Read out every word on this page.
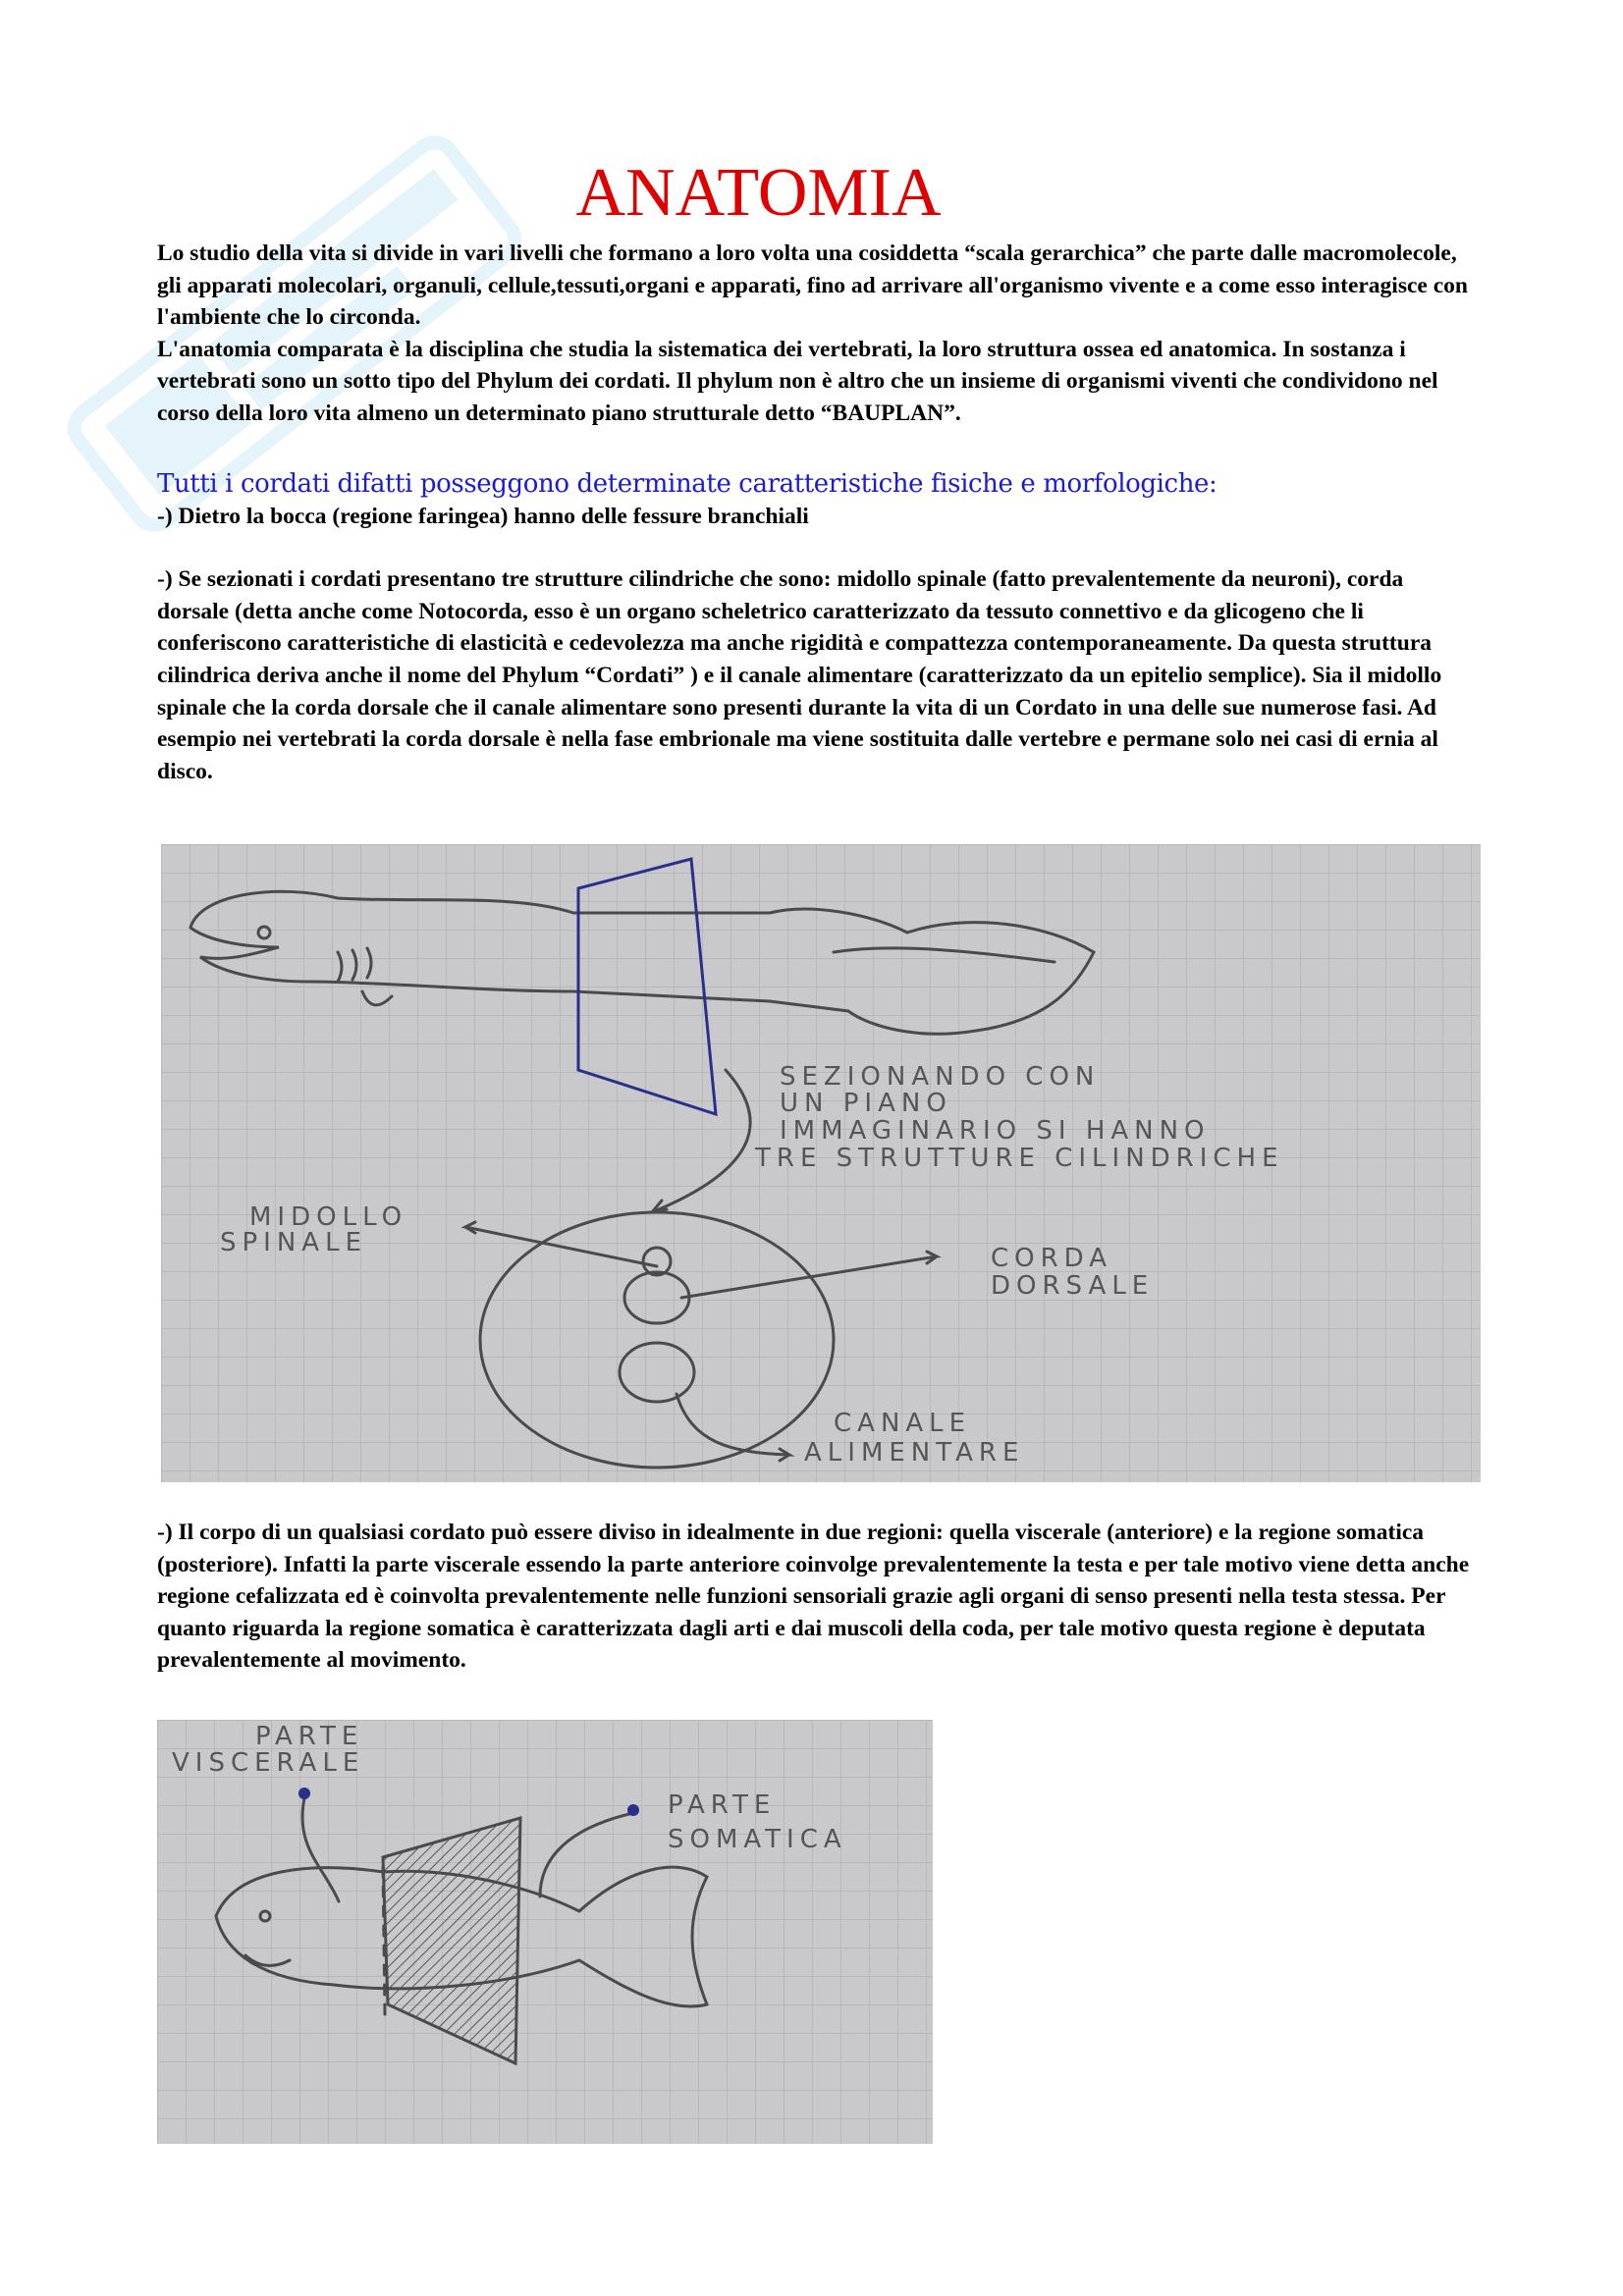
ANATOMIA

Lo studio della vita si divide in vari livelli che formano a loro volta una cosiddetta “scala gerarchica” che parte dalle macromolecole, gli apparati molecolari, organuli, cellule,tessuti,organi e apparati, fino ad arrivare all'organismo vivente e a come esso interagisce con l'ambiente che lo circonda.

L'anatomia comparata è la disciplina che studia la sistematica dei vertebrati, la loro struttura ossea ed anatomica. In sostanza i vertebrati sono un sotto tipo del Phylum dei cordati. Il phylum non è altro che un insieme di organismi viventi che condividono nel corso della loro vita almeno un determinato piano strutturale detto “BAUPLAN”.

Tutti i cordati difatti posseggono determinate caratteristiche fisiche e morfologiche:

-) Dietro la bocca (regione faringea) hanno delle fessure branchiali

-) Se sezionati i cordati presentano tre strutture cilindriche che sono: midollo spinale (fatto prevalentemente da neuroni), corda dorsale (detta anche come Notocorda, esso è un organo scheletrico caratterizzato da tessuto connettivo e da glicogeno che li conferiscono caratteristiche di elasticità e cedevolezza ma anche rigidità e compattezza contemporaneamente. Da questa struttura cilindrica deriva anche il nome del Phylum “Cordati” ) e il canale alimentare (caratterizzato da un epitelio semplice). Sia il midollo spinale che la corda dorsale che il canale alimentare sono presenti durante la vita di un Cordato in una delle sue numerose fasi. Ad esempio nei vertebrati la corda dorsale è nella fase embrionale ma viene sostituita dalle vertebre e permane solo nei casi di ernia al disco.

SEZIONANDO CON
UN PIANO
IMMAGINARIO SI HANNO
TRE STRUTTURE CILINDRICHE
MIDOLLO
SPINALE
CORDA
DORSALE
CANALE
ALIMENTARE

-) Il corpo di un qualsiasi cordato può essere diviso in idealmente in due regioni: quella viscerale (anteriore) e la regione somatica (posteriore). Infatti la parte viscerale essendo la parte anteriore coinvolge prevalentemente la testa e per tale motivo viene detta anche regione cefalizzata ed è coinvolta prevalentemente nelle funzioni sensoriali grazie agli organi di senso presenti nella testa stessa. Per quanto riguarda la regione somatica è caratterizzata dagli arti e dai muscoli della coda, per tale motivo questa regione è deputata prevalentemente al movimento.

PARTE
VISCERALE
PARTE
SOMATICA
